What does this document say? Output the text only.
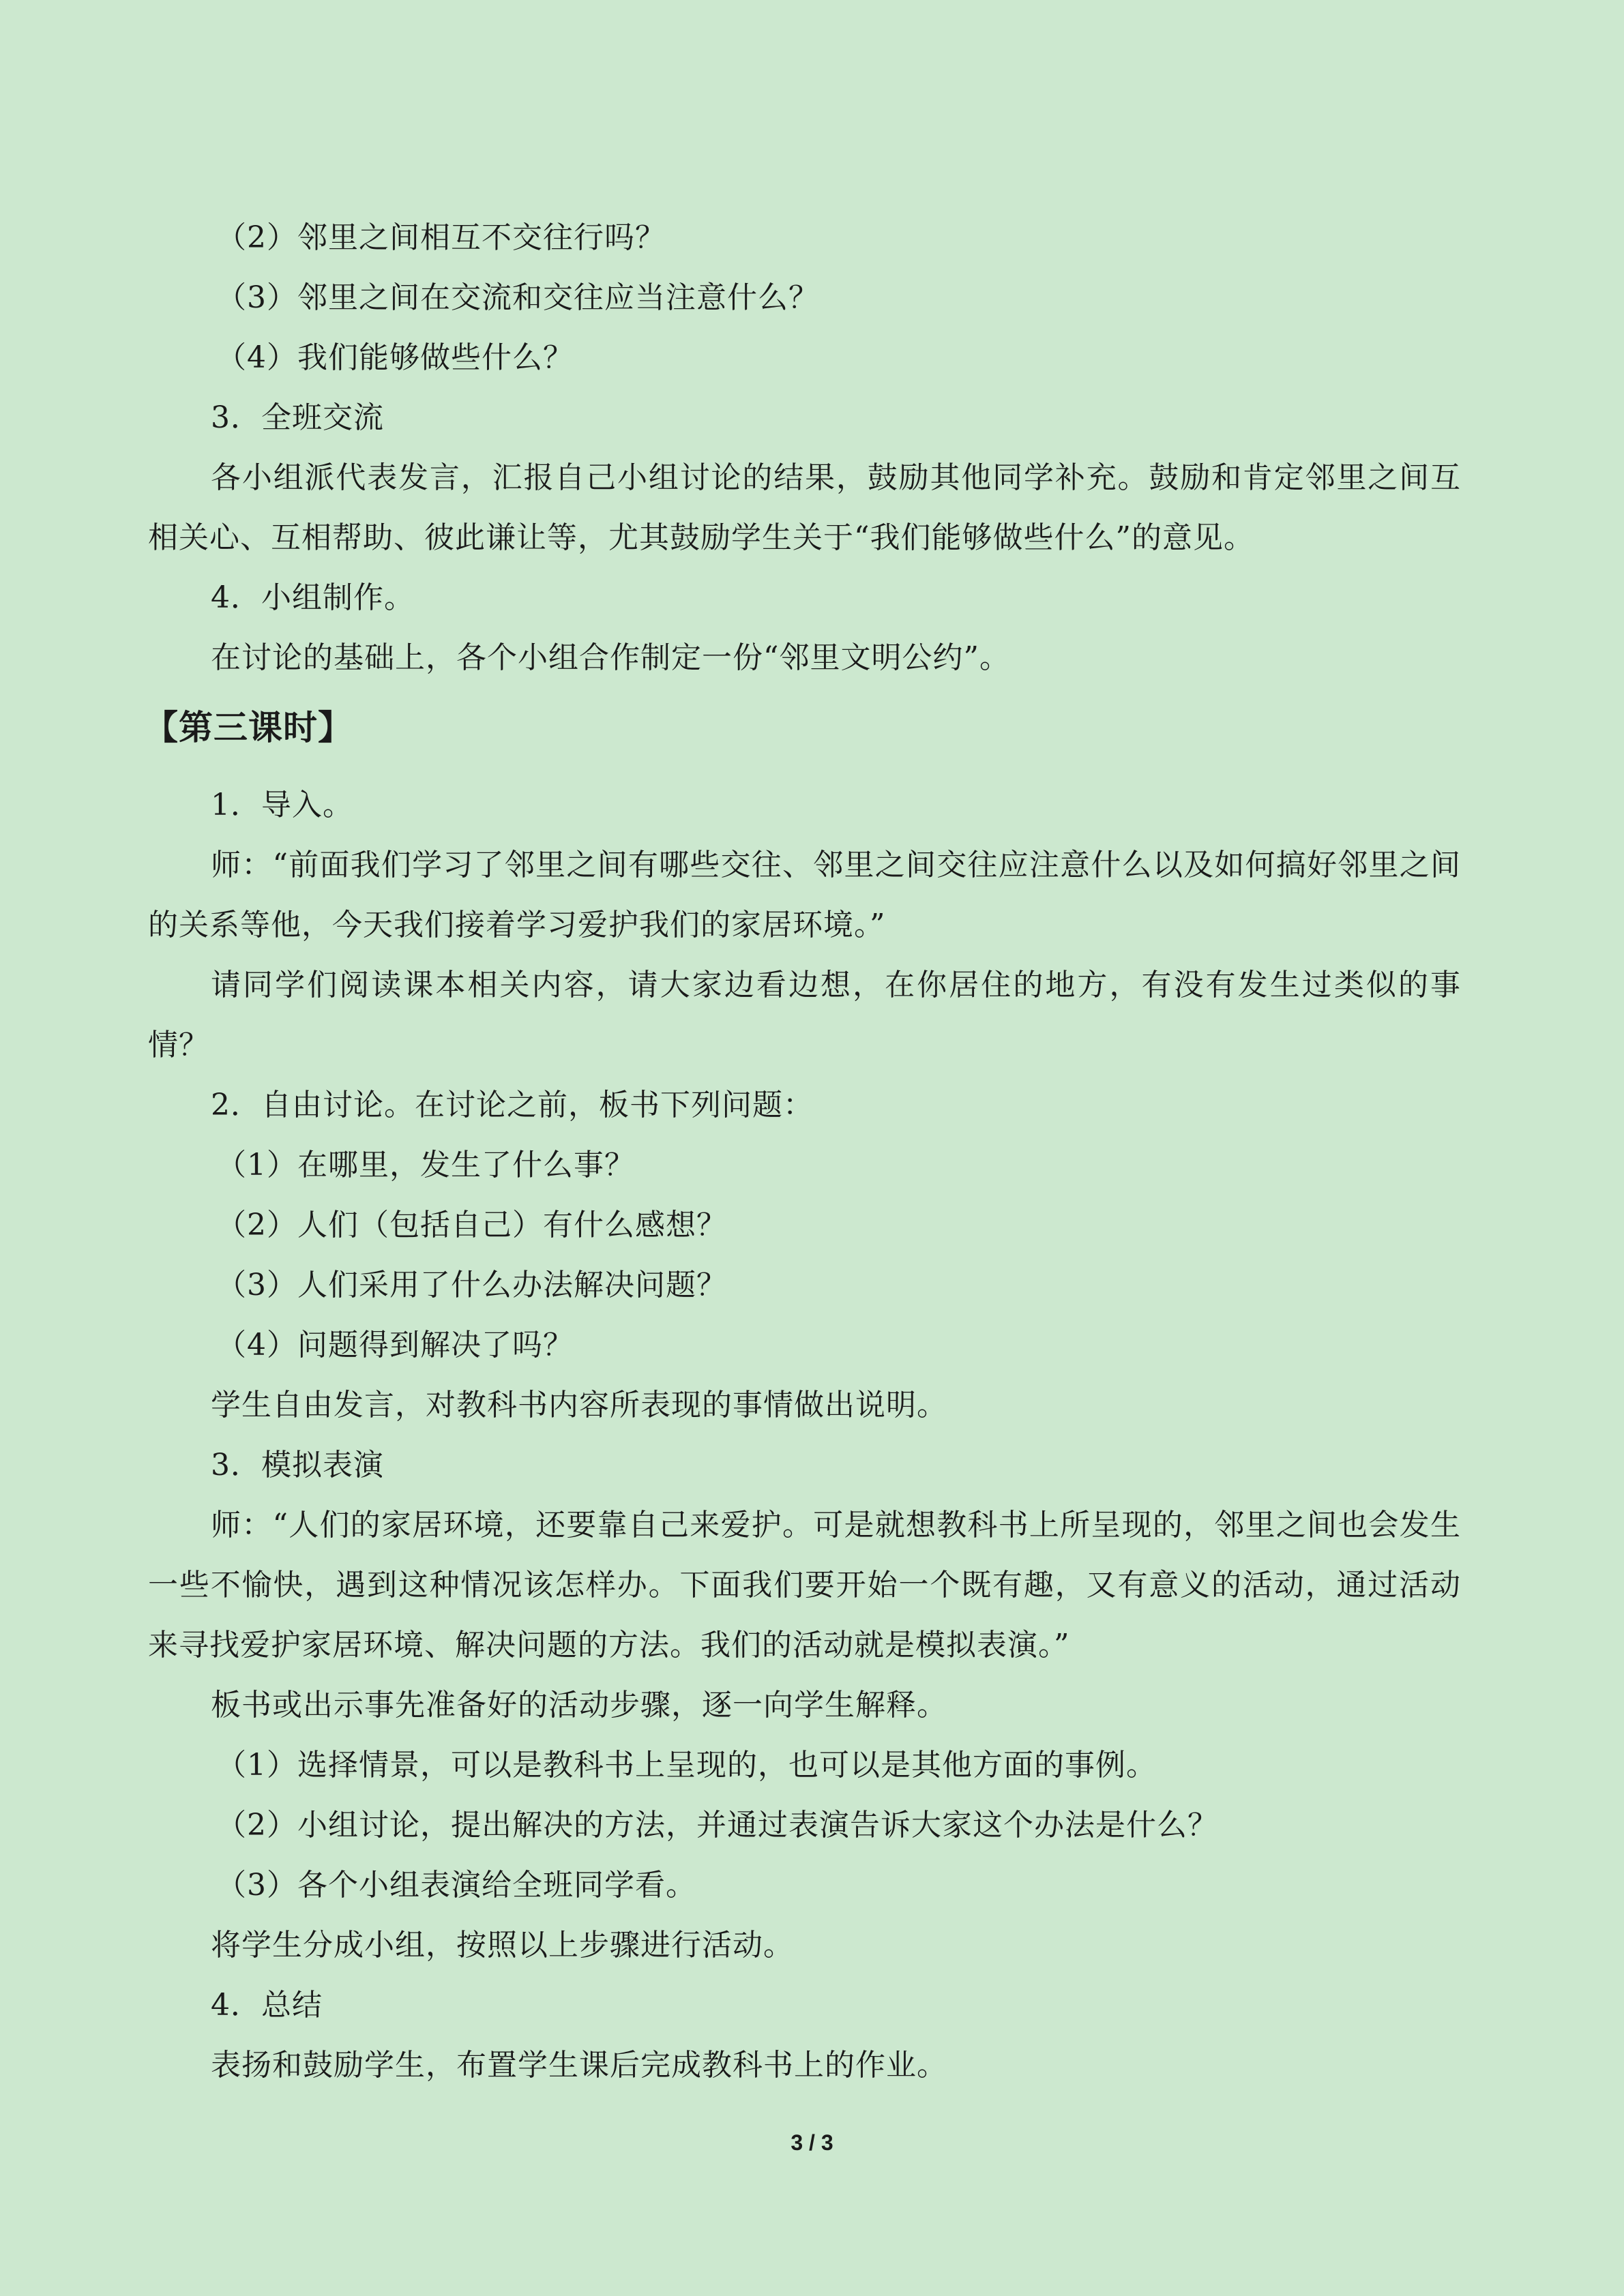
（2）邻里之间相互不交往行吗？
（3）邻里之间在交流和交往应当注意什么？
（4）我们能够做些什么？
3．全班交流

各小组派代表发言，汇报自己小组讨论的结果，鼓励其他同学补充。鼓励和肯定邻里之间互相关心、互相帮助、彼此谦让等，尤其鼓励学生关于“我们能够做些什么”的意见。

4．小组制作。
在讨论的基础上，各个小组合作制定一份“邻里文明公约”。
【第三课时】
1．导入。

师：“前面我们学习了邻里之间有哪些交往、邻里之间交往应注意什么以及如何搞好邻里之间的关系等他，今天我们接着学习爱护我们的家居环境。”

请同学们阅读课本相关内容，请大家边看边想，在你居住的地方，有没有发生过类似的事情？

2．自由讨论。在讨论之前，板书下列问题：
（1）在哪里，发生了什么事？
（2）人们（包括自己）有什么感想？
（3）人们采用了什么办法解决问题？
（4）问题得到解决了吗？
学生自由发言，对教科书内容所表现的事情做出说明。
3．模拟表演

师：“人们的家居环境，还要靠自己来爱护。可是就想教科书上所呈现的，邻里之间也会发生一些不愉快，遇到这种情况该怎样办。下面我们要开始一个既有趣，又有意义的活动，通过活动来寻找爱护家居环境、解决问题的方法。我们的活动就是模拟表演。”

板书或出示事先准备好的活动步骤，逐一向学生解释。
（1）选择情景，可以是教科书上呈现的，也可以是其他方面的事例。
（2）小组讨论，提出解决的方法，并通过表演告诉大家这个办法是什么？
（3）各个小组表演给全班同学看。
将学生分成小组，按照以上步骤进行活动。
4．总结
表扬和鼓励学生，布置学生课后完成教科书上的作业。
3 / 3
